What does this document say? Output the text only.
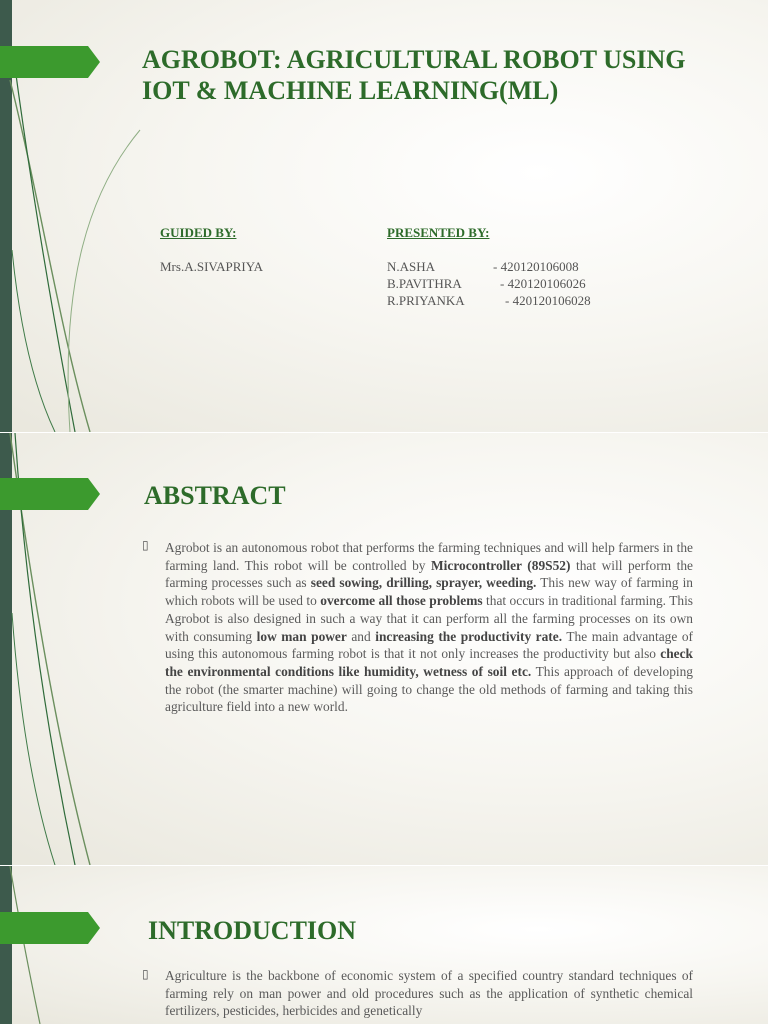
AGROBOT: AGRICULTURAL ROBOT USING IOT & MACHINE LEARNING(ML)
GUIDED BY:
Mrs.A.SIVAPRIYA
PRESENTED BY:
N.ASHA	- 420120106008
B.PAVITHRA	- 420120106026
R.PRIYANKA	- 420120106028
ABSTRACT
▯ Agrobot is an autonomous robot that performs the farming techniques and will help farmers in the farming land. This robot will be controlled by Microcontroller (89S52) that will perform the farming processes such as seed sowing, drilling, sprayer, weeding. This new way of farming in which robots will be used to overcome all those problems that occurs in traditional farming. This Agrobot is also designed in such a way that it can perform all the farming processes on its own with consuming low man power and increasing the productivity rate. The main advantage of using this autonomous farming robot is that it not only increases the productivity but also check the environmental conditions like humidity, wetness of soil etc. This approach of developing the robot (the smarter machine) will going to change the old methods of farming and taking this agriculture field into a new world.
INTRODUCTION
▯ Agriculture is the backbone of economic system of a specified country standard techniques of farming rely on man power and old procedures such as the application of synthetic chemical fertilizers, pesticides, herbicides and genetically
